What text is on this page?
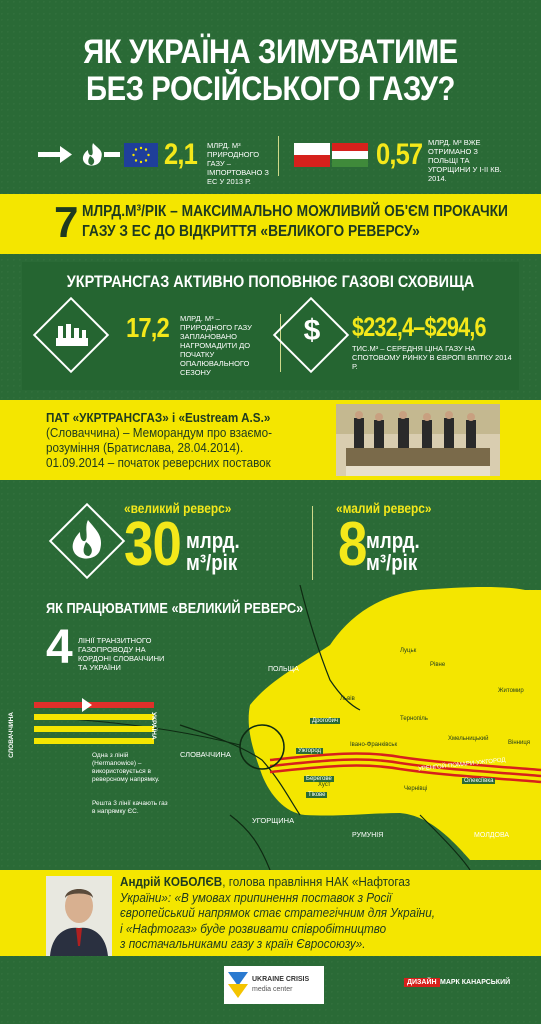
ЯК УКРАЇНА ЗИМУВАТИМЕ
БЕЗ РОСІЙСЬКОГО ГАЗУ?
2,1 МЛРД. М³ ПРИРОДНОГО ГАЗУ – ІМПОРТОВАНО З ЕС У 2013 Р.
0,57 МЛРД. М³ ВЖЕ ОТРИМАНО З ПОЛЬЩІ ТА УГОРЩИНИ У I-II КВ. 2014.
7 МЛРД.М³/РІК – МАКСИМАЛЬНО МОЖЛИВИЙ ОБ'ЄМ ПРОКАЧКИ
ГАЗУ З ЕС ДО ВІДКРИТТЯ «ВЕЛИКОГО РЕВЕРСУ»
УКРТРАНСГАЗ АКТИВНО ПОПОВНЮЄ ГАЗОВІ СХОВИЩА
17,2 МЛРД. М³ – ПРИРОДНОГО ГАЗУ ЗАПЛАНОВАНО НАГРОМАДИТИ ДО ПОЧАТКУ ОПАЛЮВАЛЬНОГО СЕЗОНУ
$ $232,4–$294,6
ТИС.М³ – СЕРЕДНЯ ЦІНА ГАЗУ НА СПОТОВОМУ РИНКУ В ЄВРОПІ ВЛІТКУ 2014 Р.
ПАТ «УКРТРАНСГАЗ» і «Eustream A.S.»
(Словаччина) – Меморандум про взаємо-
розуміння (Братислава, 28.04.2014).
01.09.2014 – початок реверсних поставок
«великий реверс»
30 млрд.
м³/рік
«малий реверс»
8 млрд.
м³/рік
ЯК ПРАЦЮВАТИМЕ «ВЕЛИКИЙ РЕВЕРС»
4 ЛІНІЇ ТРАНЗИТНОГО ГАЗОПРОВОДУ НА КОРДОНІ СЛОВАЧЧИНИ ТА УКРАЇНИ
СЛОВАЧЧИНА	УКРАЇНА
Одна з ліній (Hermanowice) – використовується в реверсному напрямку.
Решта 3 лінії качають газ в напрямку ЄС.
ПОЛЬЩА
СЛОВАЧЧИНА
УГОРЩИНА
РУМУНІЯ	МОЛДОВА
Луцьк
Рівне
Житомир
Львів
Тернопіль
Хмельницький
Вінниця
Івано-Франківськ
Чернівці
Хуст
Ужгород
Дрогобич
Берегове
Тікове
Олексіївка
УРЕНГОЙ-ПОМАРИ-УЖГОРОД
Андрій КОБОЛЄВ, голова правління НАК «Нафтогаз
України»: «В умовах припинення поставок з Росії
європейський напрямок стає стратегічним для України,
і «Нафтогаз» буде розвивати співробітництво
з постачальниками газу з країн Євросоюзу».
UKRAINE CRISIS
media center
ДИЗАЙН МАРК КАНАРСЬКИЙ
